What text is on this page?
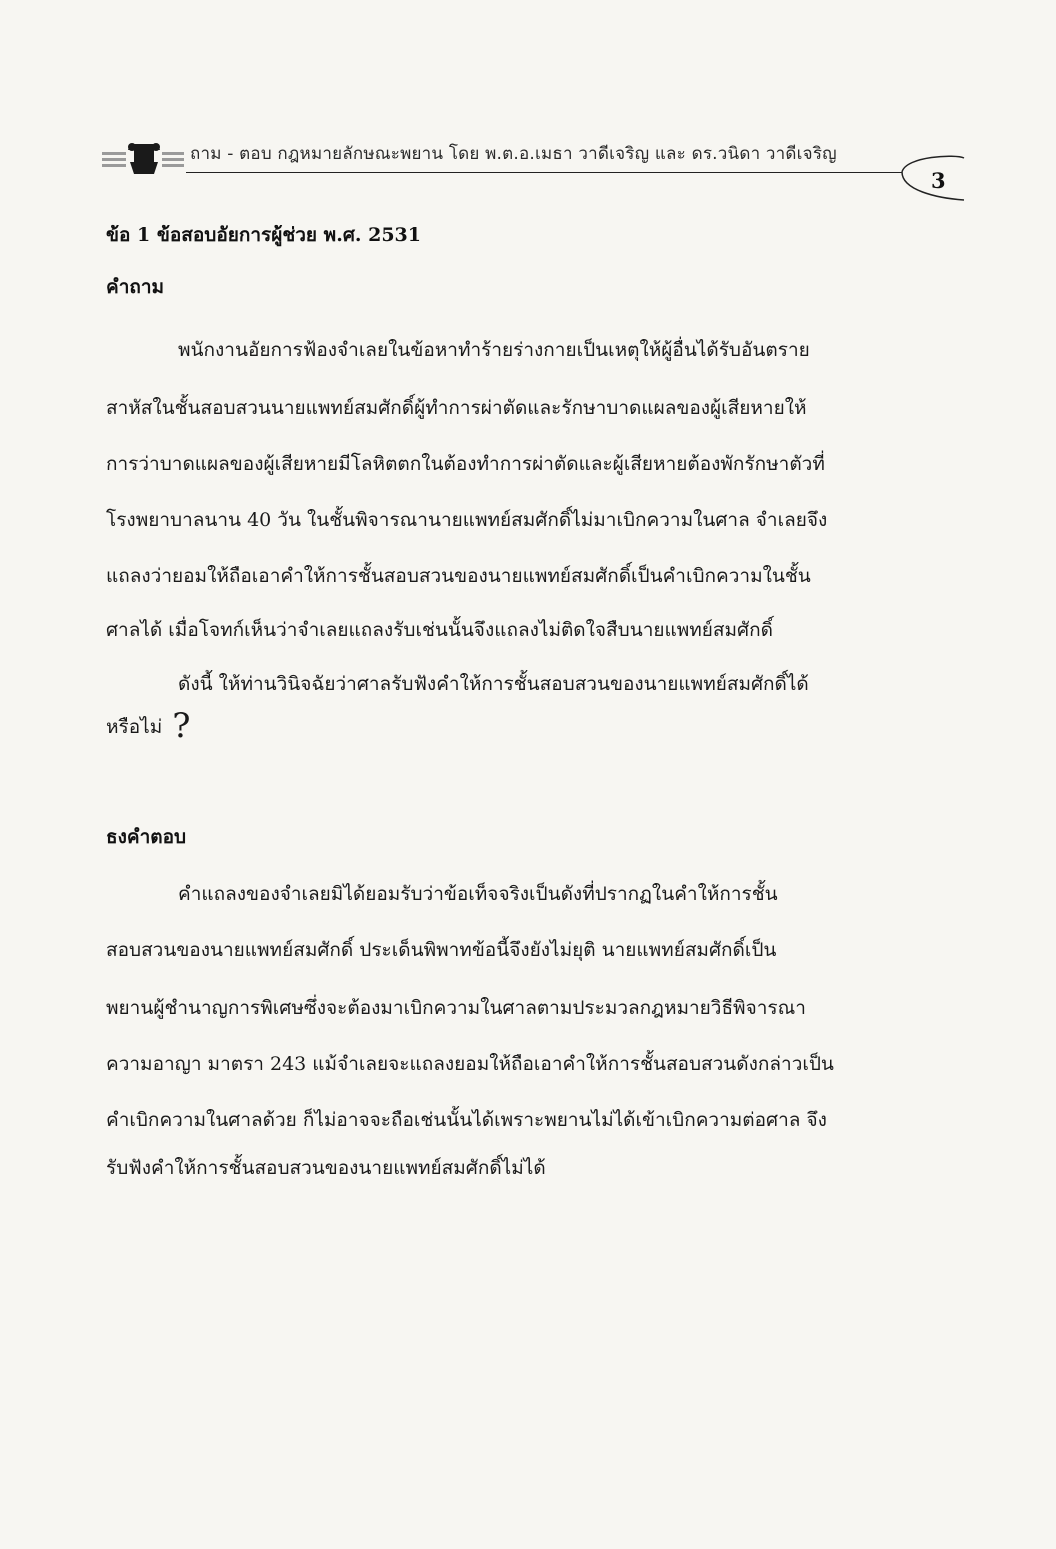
ถาม - ตอบ กฎหมายลักษณะพยาน โดย พ.ต.อ.เมธา วาดีเจริญ และ ดร.วนิดา วาดีเจริญ
3
ข้อ 1 ข้อสอบอัยการผู้ช่วย พ.ศ. 2531
คำถาม
พนักงานอัยการฟ้องจำเลยในข้อหาทำร้ายร่างกายเป็นเหตุให้ผู้อื่นได้รับอันตราย
สาหัสในชั้นสอบสวนนายแพทย์สมศักดิ์ผู้ทำการผ่าตัดและรักษาบาดแผลของผู้เสียหายให้
การว่าบาดแผลของผู้เสียหายมีโลหิตตกในต้องทำการผ่าตัดและผู้เสียหายต้องพักรักษาตัวที่
โรงพยาบาลนาน 40 วัน ในชั้นพิจารณานายแพทย์สมศักดิ์ไม่มาเบิกความในศาล จำเลยจึง
แถลงว่ายอมให้ถือเอาคำให้การชั้นสอบสวนของนายแพทย์สมศักดิ์เป็นคำเบิกความในชั้น
ศาลได้ เมื่อโจทก์เห็นว่าจำเลยแถลงรับเช่นนั้นจึงแถลงไม่ติดใจสืบนายแพทย์สมศักดิ์
ดังนี้ ให้ท่านวินิจฉัยว่าศาลรับฟังคำให้การชั้นสอบสวนของนายแพทย์สมศักดิ์ได้
หรือไม่ ?
ธงคำตอบ
คำแถลงของจำเลยมิได้ยอมรับว่าข้อเท็จจริงเป็นดังที่ปรากฏในคำให้การชั้น
สอบสวนของนายแพทย์สมศักดิ์ ประเด็นพิพาทข้อนี้จึงยังไม่ยุติ นายแพทย์สมศักดิ์เป็น
พยานผู้ชำนาญการพิเศษซึ่งจะต้องมาเบิกความในศาลตามประมวลกฎหมายวิธีพิจารณา
ความอาญา มาตรา 243 แม้จำเลยจะแถลงยอมให้ถือเอาคำให้การชั้นสอบสวนดังกล่าวเป็น
คำเบิกความในศาลด้วย ก็ไม่อาจจะถือเช่นนั้นได้เพราะพยานไม่ได้เข้าเบิกความต่อศาล จึง
รับฟังคำให้การชั้นสอบสวนของนายแพทย์สมศักดิ์ไม่ได้
